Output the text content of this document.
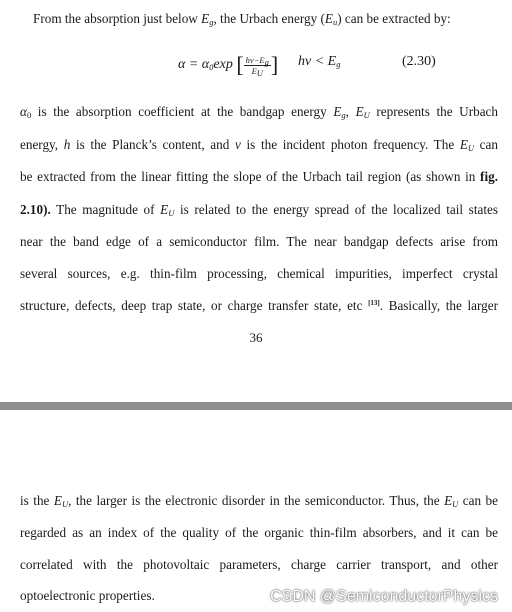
From the absorption just below $E_g$, the Urbach energy $(E_u)$ can be extracted by:
$\alpha = \alpha_0\exp$ [ $\frac{h\nu-E_g}{E_U}$ ] $h\nu < E_g$	(2.30)
$\alpha_0$ is the absorption coefficient at the bandgap energy $E_g$, $E_U$ represents the Urbach
energy, h is the Planck’s content, and ν is the incident photon frequency. The $E_U$ can
be extracted from the linear fitting the slope of the Urbach tail region (as shown in fig.
2.10). The magnitude of $E_U$ is related to the energy spread of the localized tail states
near the band edge of a semiconductor film. The near bandgap defects arise from
several sources, e.g. thin-film processing, chemical impurities, imperfect crystal
structure, defects, deep trap state, or charge transfer state, etc [13]. Basically, the larger
36
is the $E_U$, the larger is the electronic disorder in the semiconductor. Thus, the $E_U$ can be
regarded as an index of the quality of the organic thin-film absorbers, and it can be
correlated with the photovoltaic parameters, charge carrier transport, and other
optoelectronic properties.	CSDN @SemiconductorPhysics
